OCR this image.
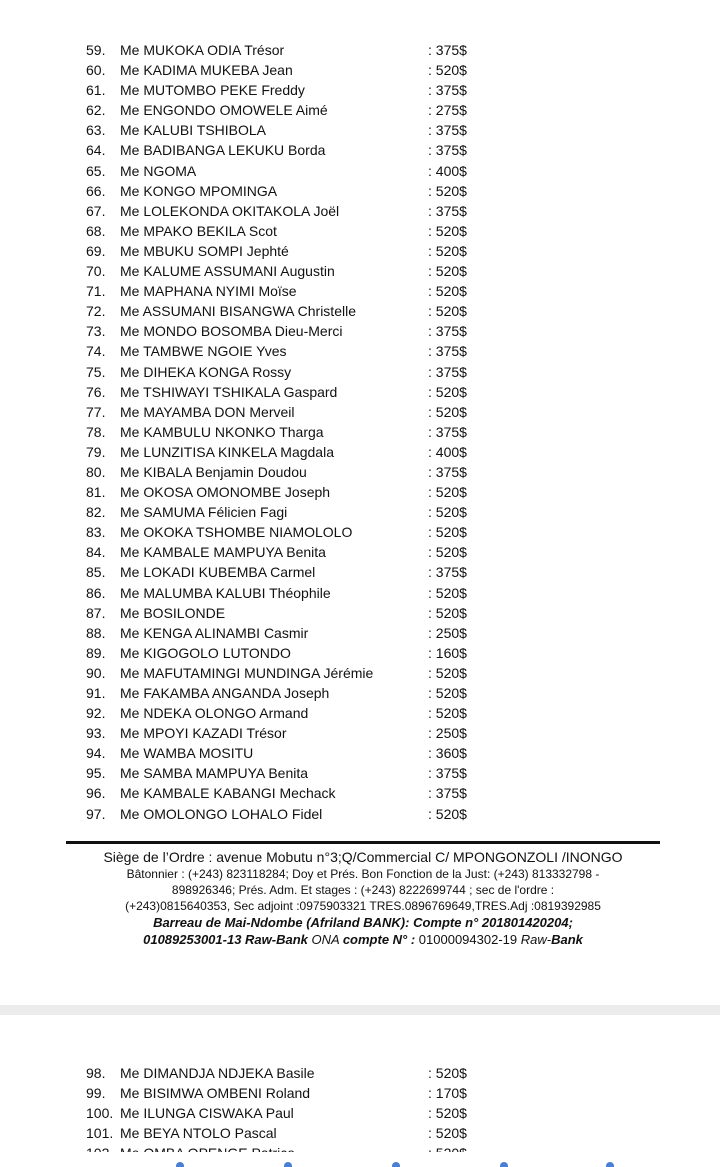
59. Me MUKOKA ODIA Trésor	: 375$
60. Me KADIMA MUKEBA Jean	: 520$
61. Me MUTOMBO PEKE Freddy	: 375$
62. Me ENGONDO OMOWELE Aimé	: 275$
63. Me KALUBI TSHIBOLA	: 375$
64. Me BADIBANGA LEKUKU Borda	: 375$
65. Me NGOMA	: 400$
66. Me KONGO MPOMINGA	: 520$
67. Me LOLEKONDA OKITAKOLA Joël	: 375$
68. Me MPAKO BEKILA Scot	: 520$
69. Me MBUKU SOMPI Jephté	: 520$
70. Me KALUME ASSUMANI Augustin	: 520$
71. Me MAPHANA NYIMI Moïse	: 520$
72. Me ASSUMANI BISANGWA Christelle	: 520$
73. Me MONDO BOSOMBA Dieu-Merci	: 375$
74. Me TAMBWE NGOIE Yves	: 375$
75. Me DIHEKA KONGA Rossy	: 375$
76. Me TSHIWAYI TSHIKALA Gaspard	: 520$
77. Me MAYAMBA DON Merveil	: 520$
78. Me KAMBULU NKONKO Tharga	: 375$
79. Me LUNZITISA KINKELA Magdala	: 400$
80. Me KIBALA Benjamin Doudou	: 375$
81. Me OKOSA OMONOMBE Joseph	: 520$
82. Me SAMUMA Félicien Fagi	: 520$
83. Me OKOKA TSHOMBE NIAMOLOLO	: 520$
84. Me KAMBALE MAMPUYA Benita	: 520$
85. Me LOKADI KUBEMBA Carmel	: 375$
86. Me MALUMBA KALUBI Théophile	: 520$
87. Me BOSILONDE	: 520$
88. Me KENGA ALINAMBI Casmir	: 250$
89. Me KIGOGOLO LUTONDO	: 160$
90. Me MAFUTAMINGI MUNDINGA Jérémie	: 520$
91. Me FAKAMBA ANGANDA Joseph	: 520$
92. Me NDEKA OLONGO Armand	: 520$
93. Me MPOYI KAZADI Trésor	: 250$
94. Me WAMBA MOSITU	: 360$
95. Me SAMBA MAMPUYA Benita	: 375$
96. Me KAMBALE KABANGI Mechack	: 375$
97. Me OMOLONGO LOHALO Fidel	: 520$
Siège de l’Ordre : avenue Mobutu n°3;Q/Commercial C/ MPONGONZOLI /INONGO
Bâtonnier : (+243) 823118284; Doy et Prés. Bon Fonction de la Just: (+243) 813332798 -
898926346; Prés. Adm. Et stages : (+243) 8222699744 ; sec de l'ordre :
(+243)0815640353, Sec adjoint :0975903321 TRES.0896769649,TRES.Adj :0819392985
Barreau de Mai-Ndombe (Afriland BANK): Compte n° 201801420204;
01089253001-13 Raw-Bank ONA compte N° : 01000094302-19 Raw-Bank
98. Me DIMANDJA NDJEKA Basile	: 520$
99. Me BISIMWA OMBENI Roland	: 170$
100. Me ILUNGA CISWAKA Paul	: 520$
101. Me BEYA NTOLO Pascal	: 520$
